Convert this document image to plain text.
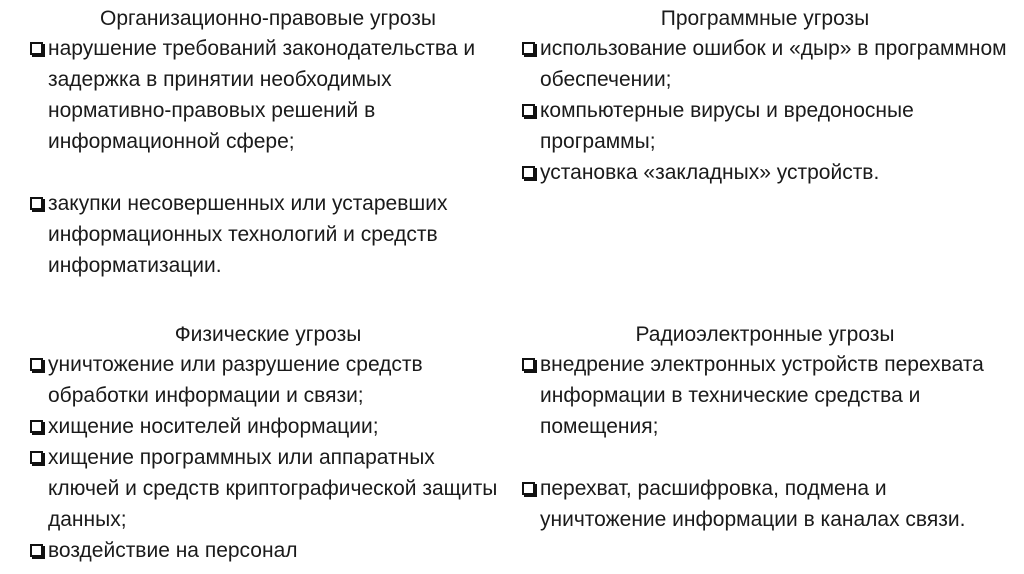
Организационно-правовые угрозы
нарушение требований законодательства и задержка в принятии необходимых нормативно-правовых решений в информационной сфере;
закупки несовершенных или устаревших информационных технологий и средств информатизации.
Программные угрозы
использование ошибок и «дыр» в программном обеспечении;
компьютерные вирусы и вредоносные программы;
установка «закладных» устройств.
Физические угрозы
уничтожение или разрушение средств обработки информации и связи;
хищение носителей информации;
хищение программных или аппаратных ключей и средств криптографической защиты данных;
воздействие на персонал
Радиоэлектронные угрозы
внедрение электронных устройств перехвата информации в технические средства и помещения;
перехват, расшифровка, подмена и уничтожение информации в каналах связи.
